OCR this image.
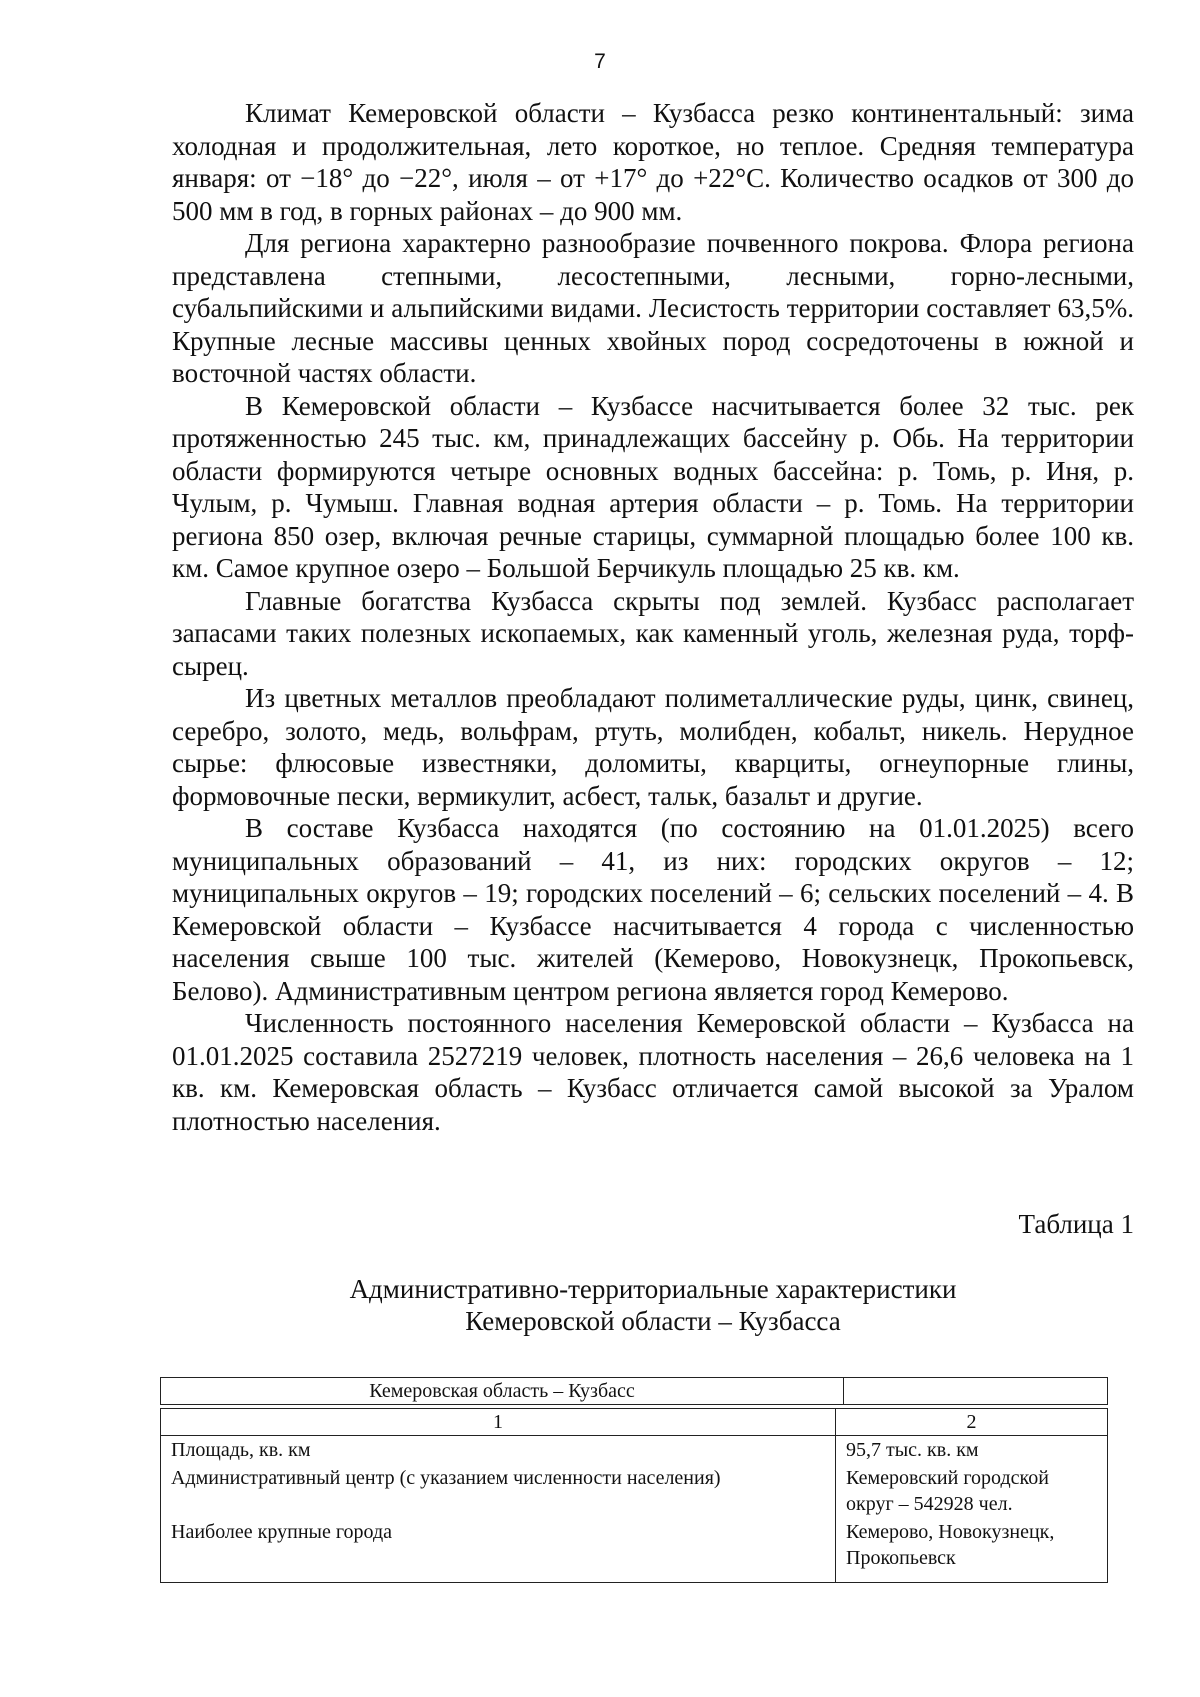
7

Климат Кемеровской области – Кузбасса резко континентальный: зима холодная и продолжительная, лето короткое, но теплое. Средняя температура января: от −18° до −22°, июля – от +17° до +22°С. Количество осадков от 300 до 500 мм в год, в горных районах – до 900 мм.

Для региона характерно разнообразие почвенного покрова. Флора региона представлена степными, лесостепными, лесными, горно-лесными, субальпийскими и альпийскими видами. Лесистость территории составляет 63,5%. Крупные лесные массивы ценных хвойных пород сосредоточены в южной и восточной частях области.

В Кемеровской области – Кузбассе насчитывается более 32 тыс. рек протяженностью 245 тыс. км, принадлежащих бассейну р. Обь. На территории области формируются четыре основных водных бассейна: р. Томь, р. Иня, р. Чулым, р. Чумыш. Главная водная артерия области – р. Томь. На территории региона 850 озер, включая речные старицы, суммарной площадью более 100 кв. км. Самое крупное озеро – Большой Берчикуль площадью 25 кв. км.

Главные богатства Кузбасса скрыты под землей. Кузбасс располагает запасами таких полезных ископаемых, как каменный уголь, железная руда, торф-сырец.

Из цветных металлов преобладают полиметаллические руды, цинк, свинец, серебро, золото, медь, вольфрам, ртуть, молибден, кобальт, никель. Нерудное сырье: флюсовые известняки, доломиты, кварциты, огнеупорные глины, формовочные пески, вермикулит, асбест, тальк, базальт и другие.

В составе Кузбасса находятся (по состоянию на 01.01.2025) всего муниципальных образований – 41, из них: городских округов – 12; муниципальных округов – 19; городских поселений – 6; сельских поселений – 4. В Кемеровской области – Кузбассе насчитывается 4 города с численностью населения свыше 100 тыс. жителей (Кемерово, Новокузнецк, Прокопьевск, Белово). Административным центром региона является город Кемерово.

Численность постоянного населения Кемеровской области – Кузбасса на 01.01.2025 составила 2527219 человек, плотность населения – 26,6 человека на 1 кв. км. Кемеровская область – Кузбасс отличается самой высокой за Уралом плотностью населения.

Таблица 1
Административно-территориальные характеристики
Кемеровской области – Кузбасса
Кемеровская область – Кузбасс	
1	2
Площадь, кв. км	95,7 тыс. кв. км
Административный центр (с указанием численности населения)	Кемеровский городской округ – 542928 чел.
Наиболее крупные города	Кемерово, Новокузнецк, Прокопьевск
